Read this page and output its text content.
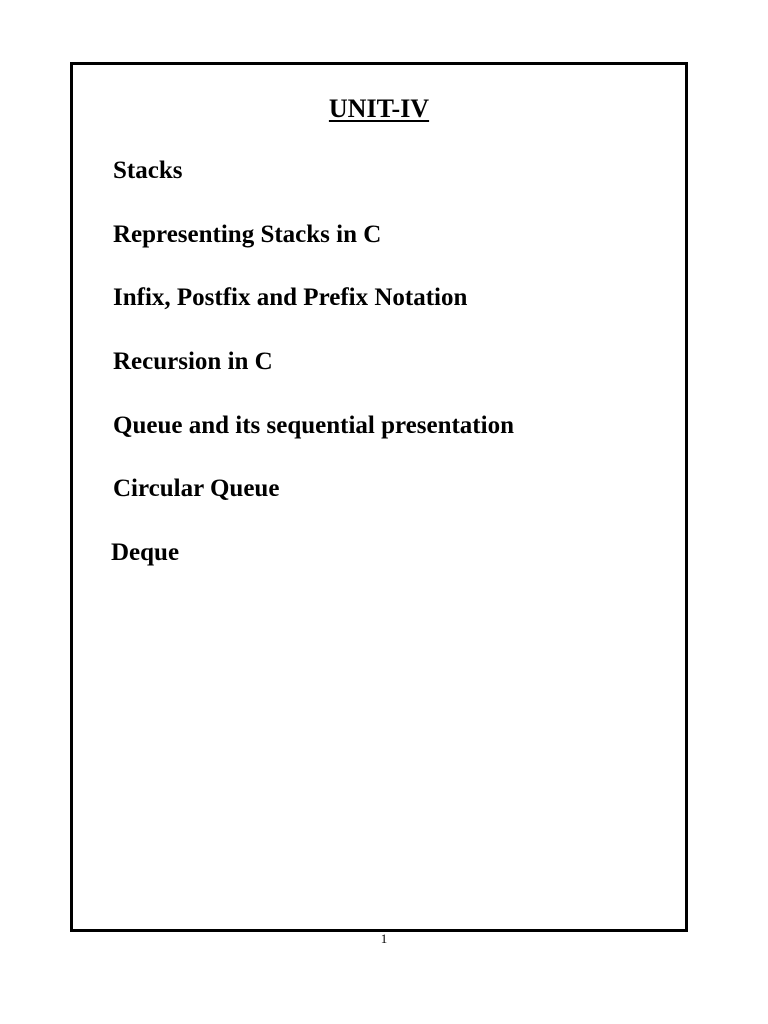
UNIT-IV
Stacks
Representing Stacks in C
Infix, Postfix and Prefix Notation
Recursion in C
Queue and its sequential presentation
Circular Queue
Deque
1
